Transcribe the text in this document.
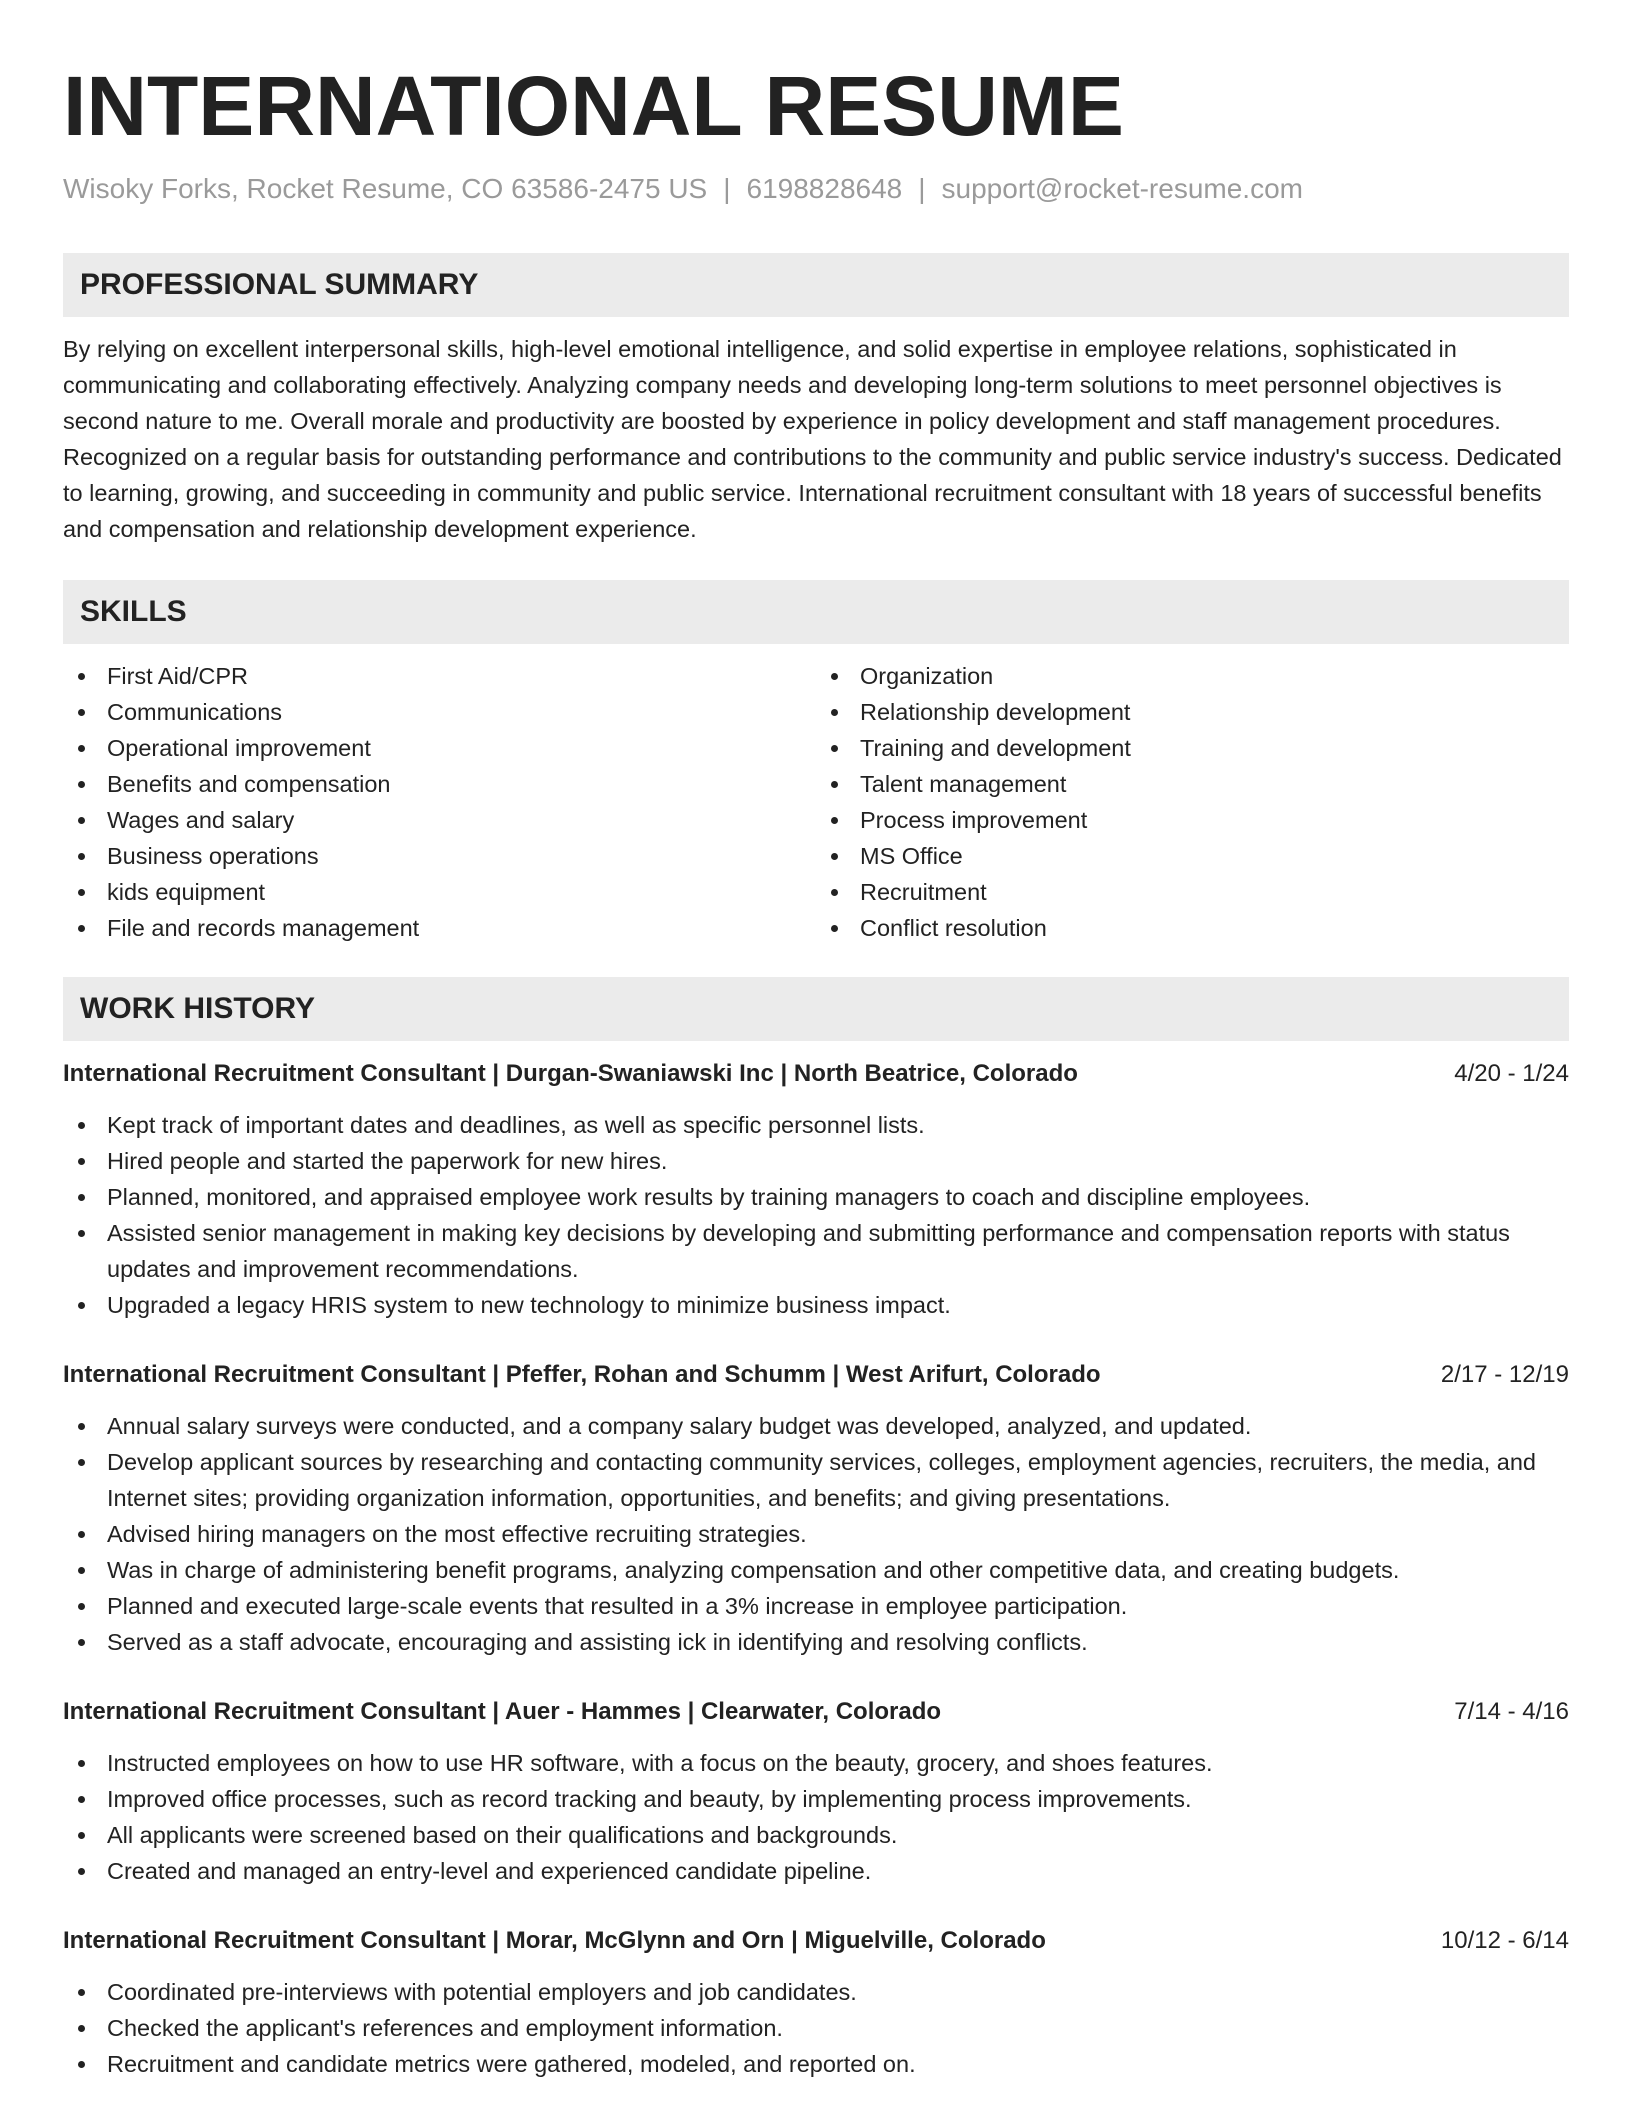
INTERNATIONAL RESUME
Wisoky Forks, Rocket Resume, CO 63586-2475 US | 6198828648 | support@rocket-resume.com
PROFESSIONAL SUMMARY

By relying on excellent interpersonal skills, high-level emotional intelligence, and solid expertise in employee relations, sophisticated in communicating and collaborating effectively. Analyzing company needs and developing long-term solutions to meet personnel objectives is second nature to me. Overall morale and productivity are boosted by experience in policy development and staff management procedures. Recognized on a regular basis for outstanding performance and contributions to the community and public service industry's success. Dedicated to learning, growing, and succeeding in community and public service. International recruitment consultant with 18 years of successful benefits and compensation and relationship development experience.

SKILLS
First Aid/CPR
Communications
Operational improvement
Benefits and compensation
Wages and salary
Business operations
kids equipment
File and records management
Organization
Relationship development
Training and development
Talent management
Process improvement
MS Office
Recruitment
Conflict resolution
WORK HISTORY
International Recruitment Consultant | Durgan-Swaniawski Inc | North Beatrice, Colorado	4/20 - 1/24
Kept track of important dates and deadlines, as well as specific personnel lists.
Hired people and started the paperwork for new hires.
Planned, monitored, and appraised employee work results by training managers to coach and discipline employees.
Assisted senior management in making key decisions by developing and submitting performance and compensation reports with status updates and improvement recommendations.
Upgraded a legacy HRIS system to new technology to minimize business impact.
International Recruitment Consultant | Pfeffer, Rohan and Schumm | West Arifurt, Colorado	2/17 - 12/19
Annual salary surveys were conducted, and a company salary budget was developed, analyzed, and updated.
Develop applicant sources by researching and contacting community services, colleges, employment agencies, recruiters, the media, and Internet sites; providing organization information, opportunities, and benefits; and giving presentations.
Advised hiring managers on the most effective recruiting strategies.
Was in charge of administering benefit programs, analyzing compensation and other competitive data, and creating budgets.
Planned and executed large-scale events that resulted in a 3% increase in employee participation.
Served as a staff advocate, encouraging and assisting ick in identifying and resolving conflicts.
International Recruitment Consultant | Auer - Hammes | Clearwater, Colorado	7/14 - 4/16
Instructed employees on how to use HR software, with a focus on the beauty, grocery, and shoes features.
Improved office processes, such as record tracking and beauty, by implementing process improvements.
All applicants were screened based on their qualifications and backgrounds.
Created and managed an entry-level and experienced candidate pipeline.
International Recruitment Consultant | Morar, McGlynn and Orn | Miguelville, Colorado	10/12 - 6/14
Coordinated pre-interviews with potential employers and job candidates.
Checked the applicant's references and employment information.
Recruitment and candidate metrics were gathered, modeled, and reported on.
